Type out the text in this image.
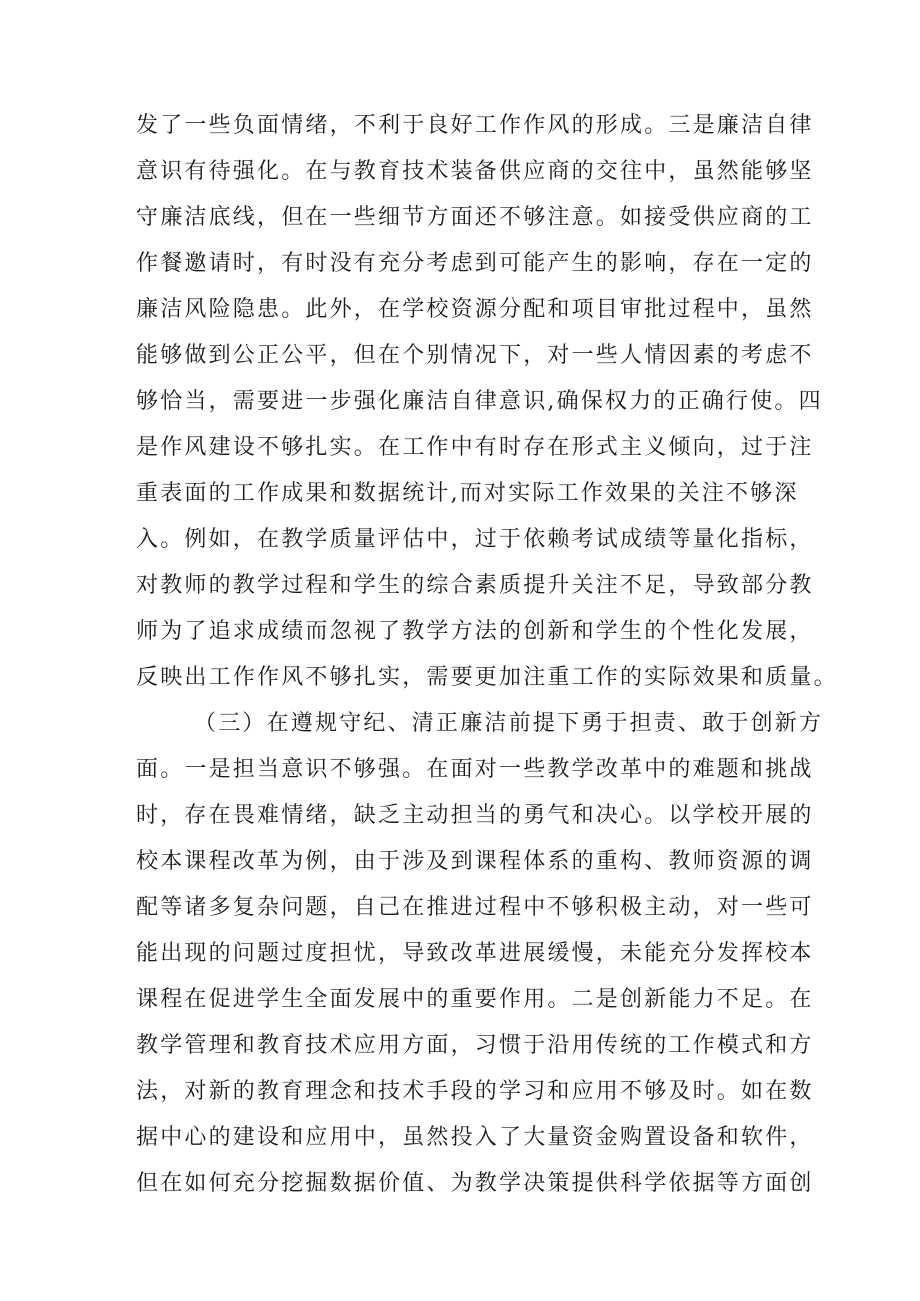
发了一些负面情绪，不利于良好工作作风的形成。三是廉洁自律
意识有待强化。在与教育技术装备供应商的交往中，虽然能够坚
守廉洁底线，但在一些细节方面还不够注意。如接受供应商的工
作餐邀请时，有时没有充分考虑到可能产生的影响，存在一定的
廉洁风险隐患。此外，在学校资源分配和项目审批过程中，虽然
能够做到公正公平，但在个别情况下，对一些人情因素的考虑不
够恰当，需要进一步强化廉洁自律意识,确保权力的正确行使。四
是作风建设不够扎实。在工作中有时存在形式主义倾向，过于注
重表面的工作成果和数据统计,而对实际工作效果的关注不够深
入。例如，在教学质量评估中，过于依赖考试成绩等量化指标，
对教师的教学过程和学生的综合素质提升关注不足，导致部分教
师为了追求成绩而忽视了教学方法的创新和学生的个性化发展，
反映出工作作风不够扎实，需要更加注重工作的实际效果和质量。
（三）在遵规守纪、清正廉洁前提下勇于担责、敢于创新方
面。一是担当意识不够强。在面对一些教学改革中的难题和挑战
时，存在畏难情绪，缺乏主动担当的勇气和决心。以学校开展的
校本课程改革为例，由于涉及到课程体系的重构、教师资源的调
配等诸多复杂问题，自己在推进过程中不够积极主动，对一些可
能出现的问题过度担忧，导致改革进展缓慢，未能充分发挥校本
课程在促进学生全面发展中的重要作用。二是创新能力不足。在
教学管理和教育技术应用方面，习惯于沿用传统的工作模式和方
法，对新的教育理念和技术手段的学习和应用不够及时。如在数
据中心的建设和应用中，虽然投入了大量资金购置设备和软件，
但在如何充分挖掘数据价值、为教学决策提供科学依据等方面创
